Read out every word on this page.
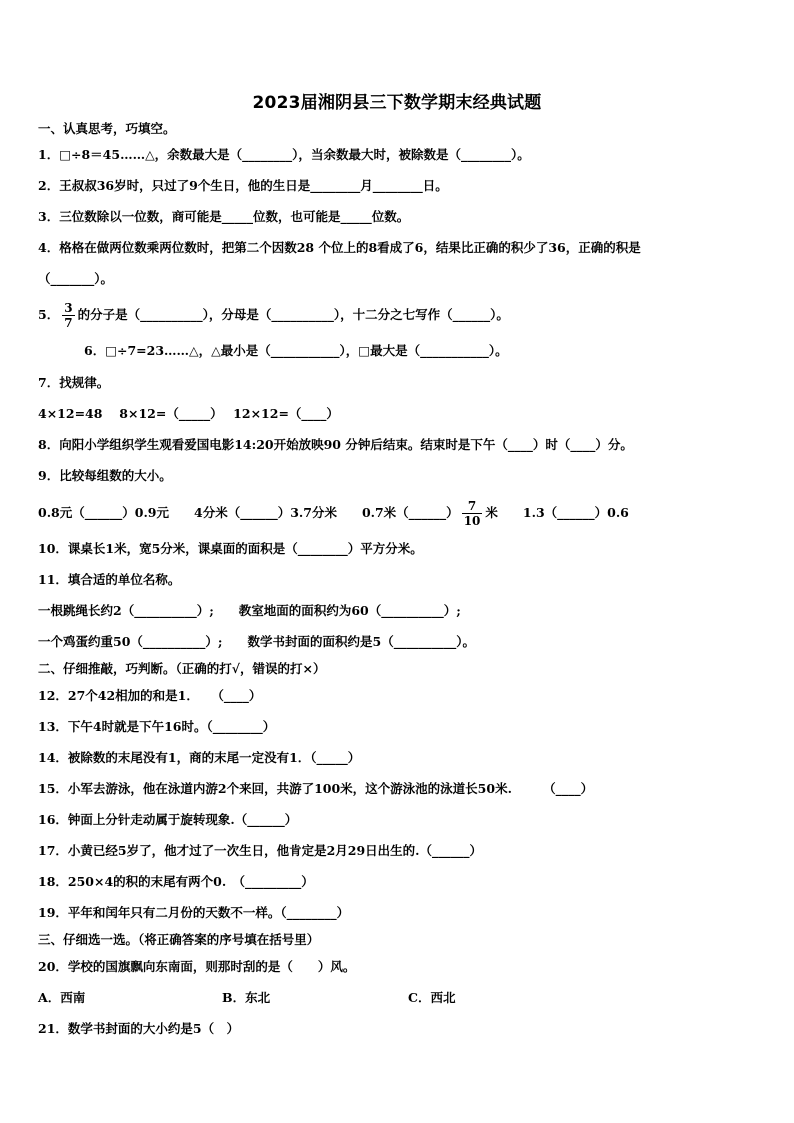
2023届湘阴县三下数学期末经典试题
一、认真思考，巧填空。
1．□÷8＝45……△，余数最大是（________），当余数最大时，被除数是（________）。
2．王叔叔36岁时，只过了9个生日，他的生日是________月________日。
3．三位数除以一位数，商可能是_____位数，也可能是_____位数。
4．格格在做两位数乘两位数时，把第二个因数28 个位上的8看成了6，结果比正确的积少了36，正确的积是
（_______）。
5． $\frac{3}{7}$ 的分子是（__________），分母是（__________），十二分之七写作（______）。
6．□÷7=23……△，△最小是（___________），□最大是（___________）。
7．找规律。
4×12=48　 8×12=（_____）　 12×12=（____）
8．向阳小学组织学生观看爱国电影14:20开始放映90 分钟后结束。结束时是下午（____）时（____）分。
9．比较每组数的大小。
0.8元（______）0.9元　　4分米（______）3.7分米　　0.7米（______） $\frac{7}{10}$ 米　　1.3（______）0.6
10．课桌长1米，宽5分米，课桌面的面积是（________）平方分米。
11．填合适的单位名称。
一根跳绳长约2（__________）;　　教室地面的面积约为60（__________）;
一个鸡蛋约重50（__________）;　　数学书封面的面积约是5（__________）。
二、仔细推敲，巧判断。（正确的打√，错误的打×）
12．27个42相加的和是1．　　（____）
13．下午4时就是下午16时。（________）
14．被除数的末尾没有1，商的末尾一定没有1．（_____）
15．小军去游泳，他在泳道内游2个来回，共游了100米，这个游泳池的泳道长50米.　　　（____）
16．钟面上分针走动属于旋转现象.（______）
17．小黄已经5岁了，他才过了一次生日，他肯定是2月29日出生的.（______）
18．250×4的积的末尾有两个0.　（_________）
19．平年和闰年只有二月份的天数不一样。（________）
三、仔细选一选。（将正确答案的序号填在括号里）
20．学校的国旗飘向东南面，则那时刮的是（　　）风。
A．西南	B．东北	C．西北
21．数学书封面的大小约是5（　）
